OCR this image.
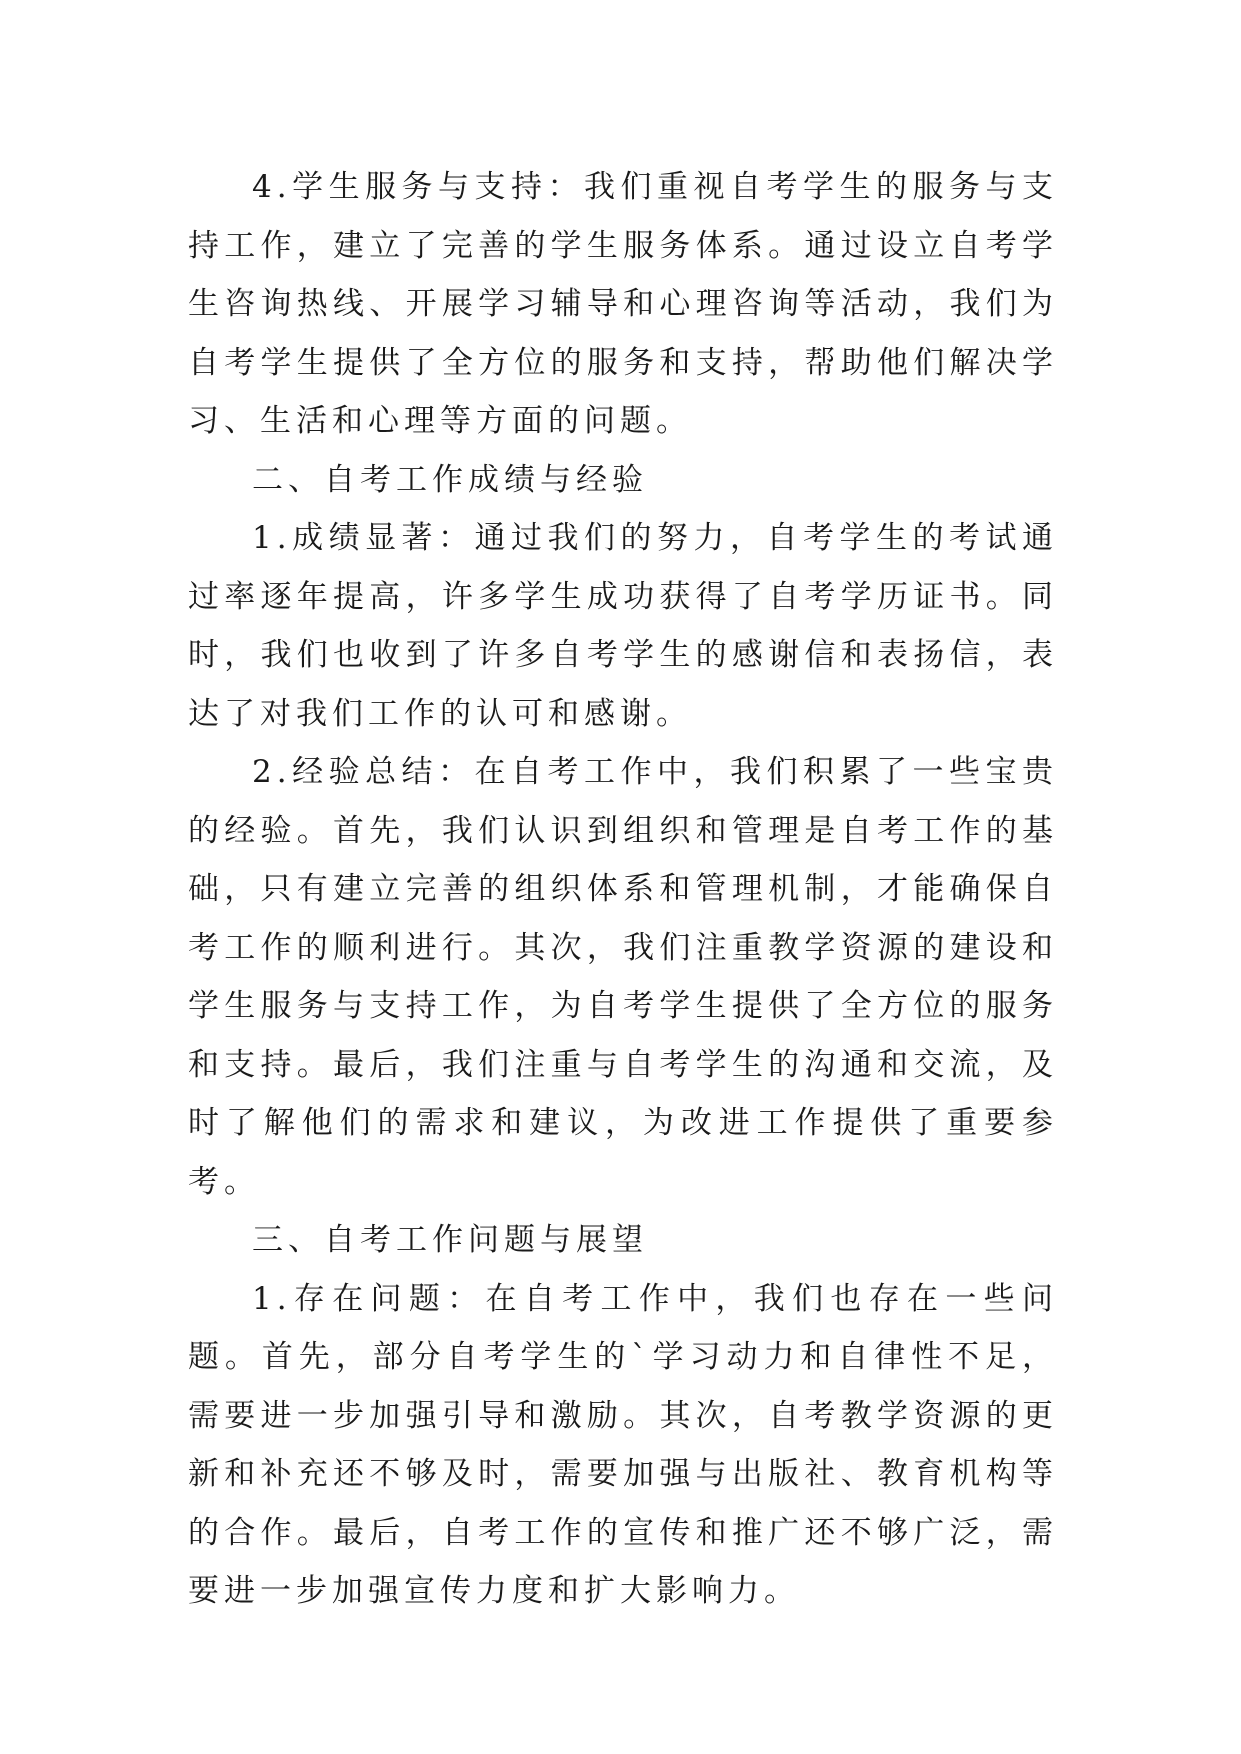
4.学生服务与支持：我们重视自考学生的服务与支持工作，建立了完善的学生服务体系。通过设立自考学生咨询热线、开展学习辅导和心理咨询等活动，我们为自考学生提供了全方位的服务和支持，帮助他们解决学习、生活和心理等方面的问题。

二、自考工作成绩与经验

1.成绩显著：通过我们的努力，自考学生的考试通过率逐年提高，许多学生成功获得了自考学历证书。同时，我们也收到了许多自考学生的感谢信和表扬信，表达了对我们工作的认可和感谢。

2.经验总结：在自考工作中，我们积累了一些宝贵的经验。首先，我们认识到组织和管理是自考工作的基础，只有建立完善的组织体系和管理机制，才能确保自考工作的顺利进行。其次，我们注重教学资源的建设和学生服务与支持工作，为自考学生提供了全方位的服务和支持。最后，我们注重与自考学生的沟通和交流，及时了解他们的需求和建议，为改进工作提供了重要参考。

三、自考工作问题与展望

1.存在问题：在自考工作中，我们也存在一些问题。首先，部分自考学生的`学习动力和自律性不足，需要进一步加强引导和激励。其次，自考教学资源的更新和补充还不够及时，需要加强与出版社、教育机构等的合作。最后，自考工作的宣传和推广还不够广泛，需要进一步加强宣传力度和扩大影响力。
